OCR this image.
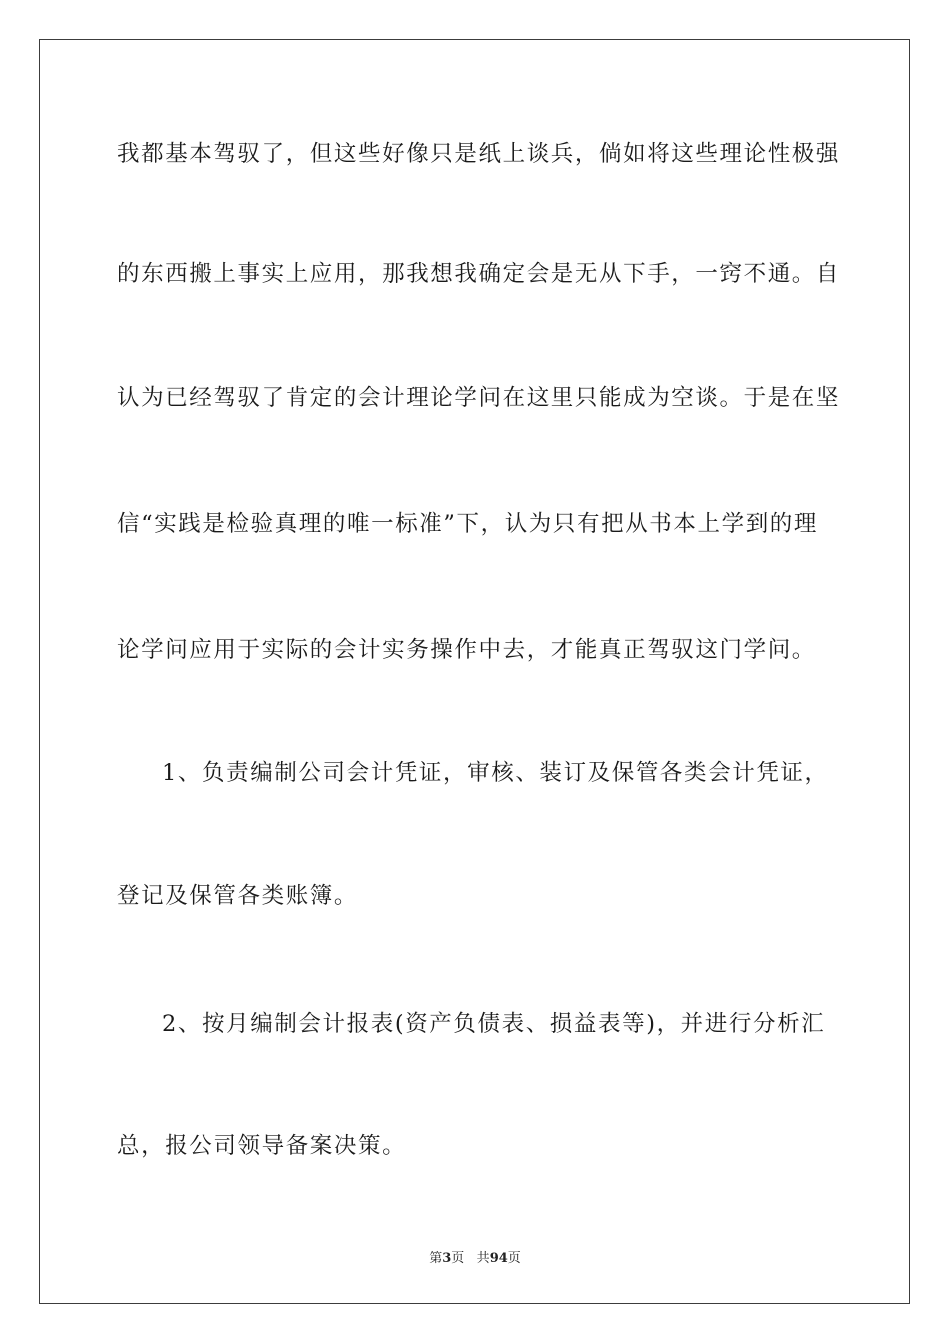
我都基本驾驭了，但这些好像只是纸上谈兵，倘如将这些理论性极强
的东西搬上事实上应用，那我想我确定会是无从下手，一窍不通。自
认为已经驾驭了肯定的会计理论学问在这里只能成为空谈。于是在坚
信“实践是检验真理的唯一标准”下，认为只有把从书本上学到的理
论学问应用于实际的会计实务操作中去，才能真正驾驭这门学问。
1、负责编制公司会计凭证，审核、装订及保管各类会计凭证，
登记及保管各类账簿。
2、按月编制会计报表(资产负债表、损益表等)，并进行分析汇
总，报公司领导备案决策。
第3页 共94页
